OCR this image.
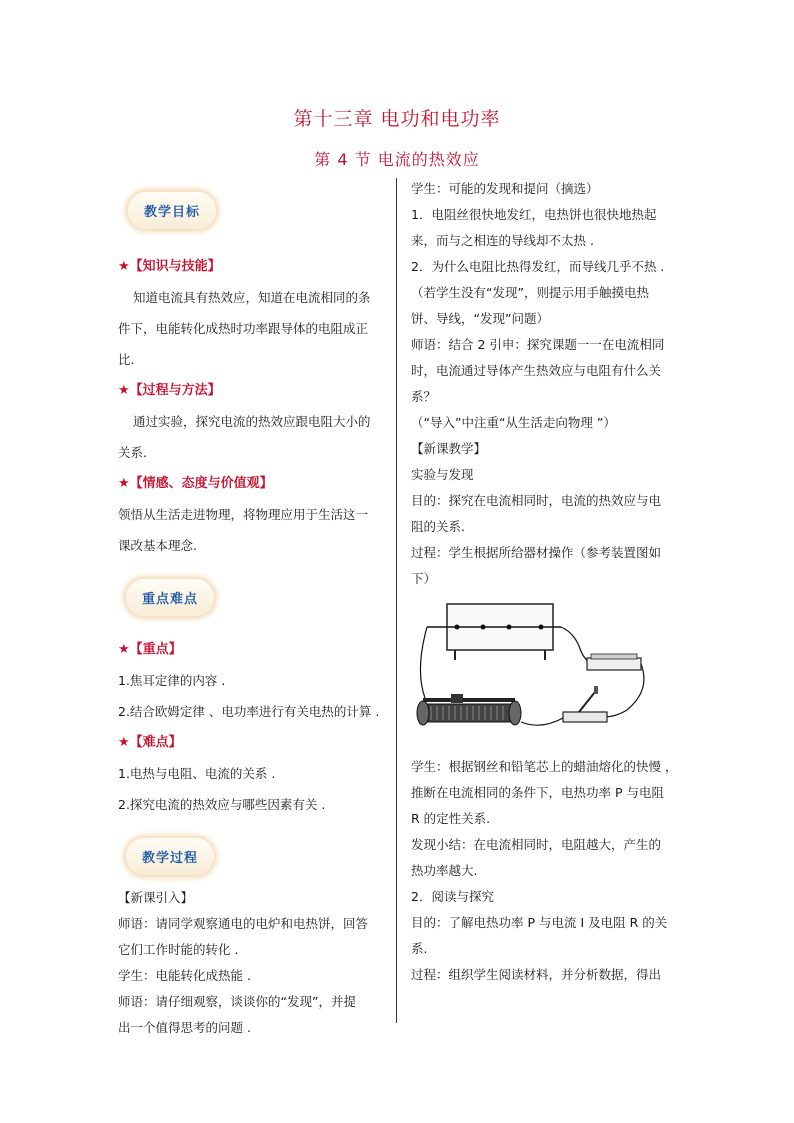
第十三章 电功和电功率
第 4 节 电流的热效应
教学目标

★【知识与技能】

知道电流具有热效应，知道在电流相同的条

件下，电能转化成热时功率跟导体的电阻成正

比.

★【过程与方法】

通过实验，探究电流的热效应跟电阻大小的

关系.

★【情感、态度与价值观】

领悟从生活走进物理，将物理应用于生活这一

课改基本理念.

重点难点

★【重点】

1.焦耳定律的内容 .

2.结合欧姆定律 、电功率进行有关电热的计算 .

★【难点】

1.电热与电阻、电流的关系 .

2.探究电流的热效应与哪些因素有关 .

教学过程

【新课引入】

师语：请同学观察通电的电炉和电热饼，回答

它们工作时能的转化 .

学生：电能转化成热能 .

师语：请仔细观察，谈谈你的“发现”，并提

出一个值得思考的问题 .

学生：可能的发现和提问（摘选）

1．电阻丝很快地发红，电热饼也很快地热起

来，而与之相连的导线却不太热 .

2．为什么电阻比热得发红，而导线几乎不热 .

（若学生没有“发现”，则提示用手触摸电热

饼、导线，“发现”问题）

师语：结合 2 引申：探究课题一一在电流相同

时，电流通过导体产生热效应与电阻有什么关

系？

（“导入”中注重“从生活走向物理 ”）

【新课教学】

实验与发现

目的：探究在电流相同时，电流的热效应与电

阻的关系.

过程：学生根据所给器材操作（参考装置图如

下）

学生：根据钢丝和铅笔芯上的蜡油熔化的快慢 ，

推断在电流相同的条件下，电热功率 P 与电阻

R 的定性关系.

发现小结：在电流相同时，电阻越大，产生的

热功率越大.

2．阅读与探究

目的：了解电热功率 P 与电流 I 及电阻 R 的关

系.

过程：组织学生阅读材料，并分析数据，得出
